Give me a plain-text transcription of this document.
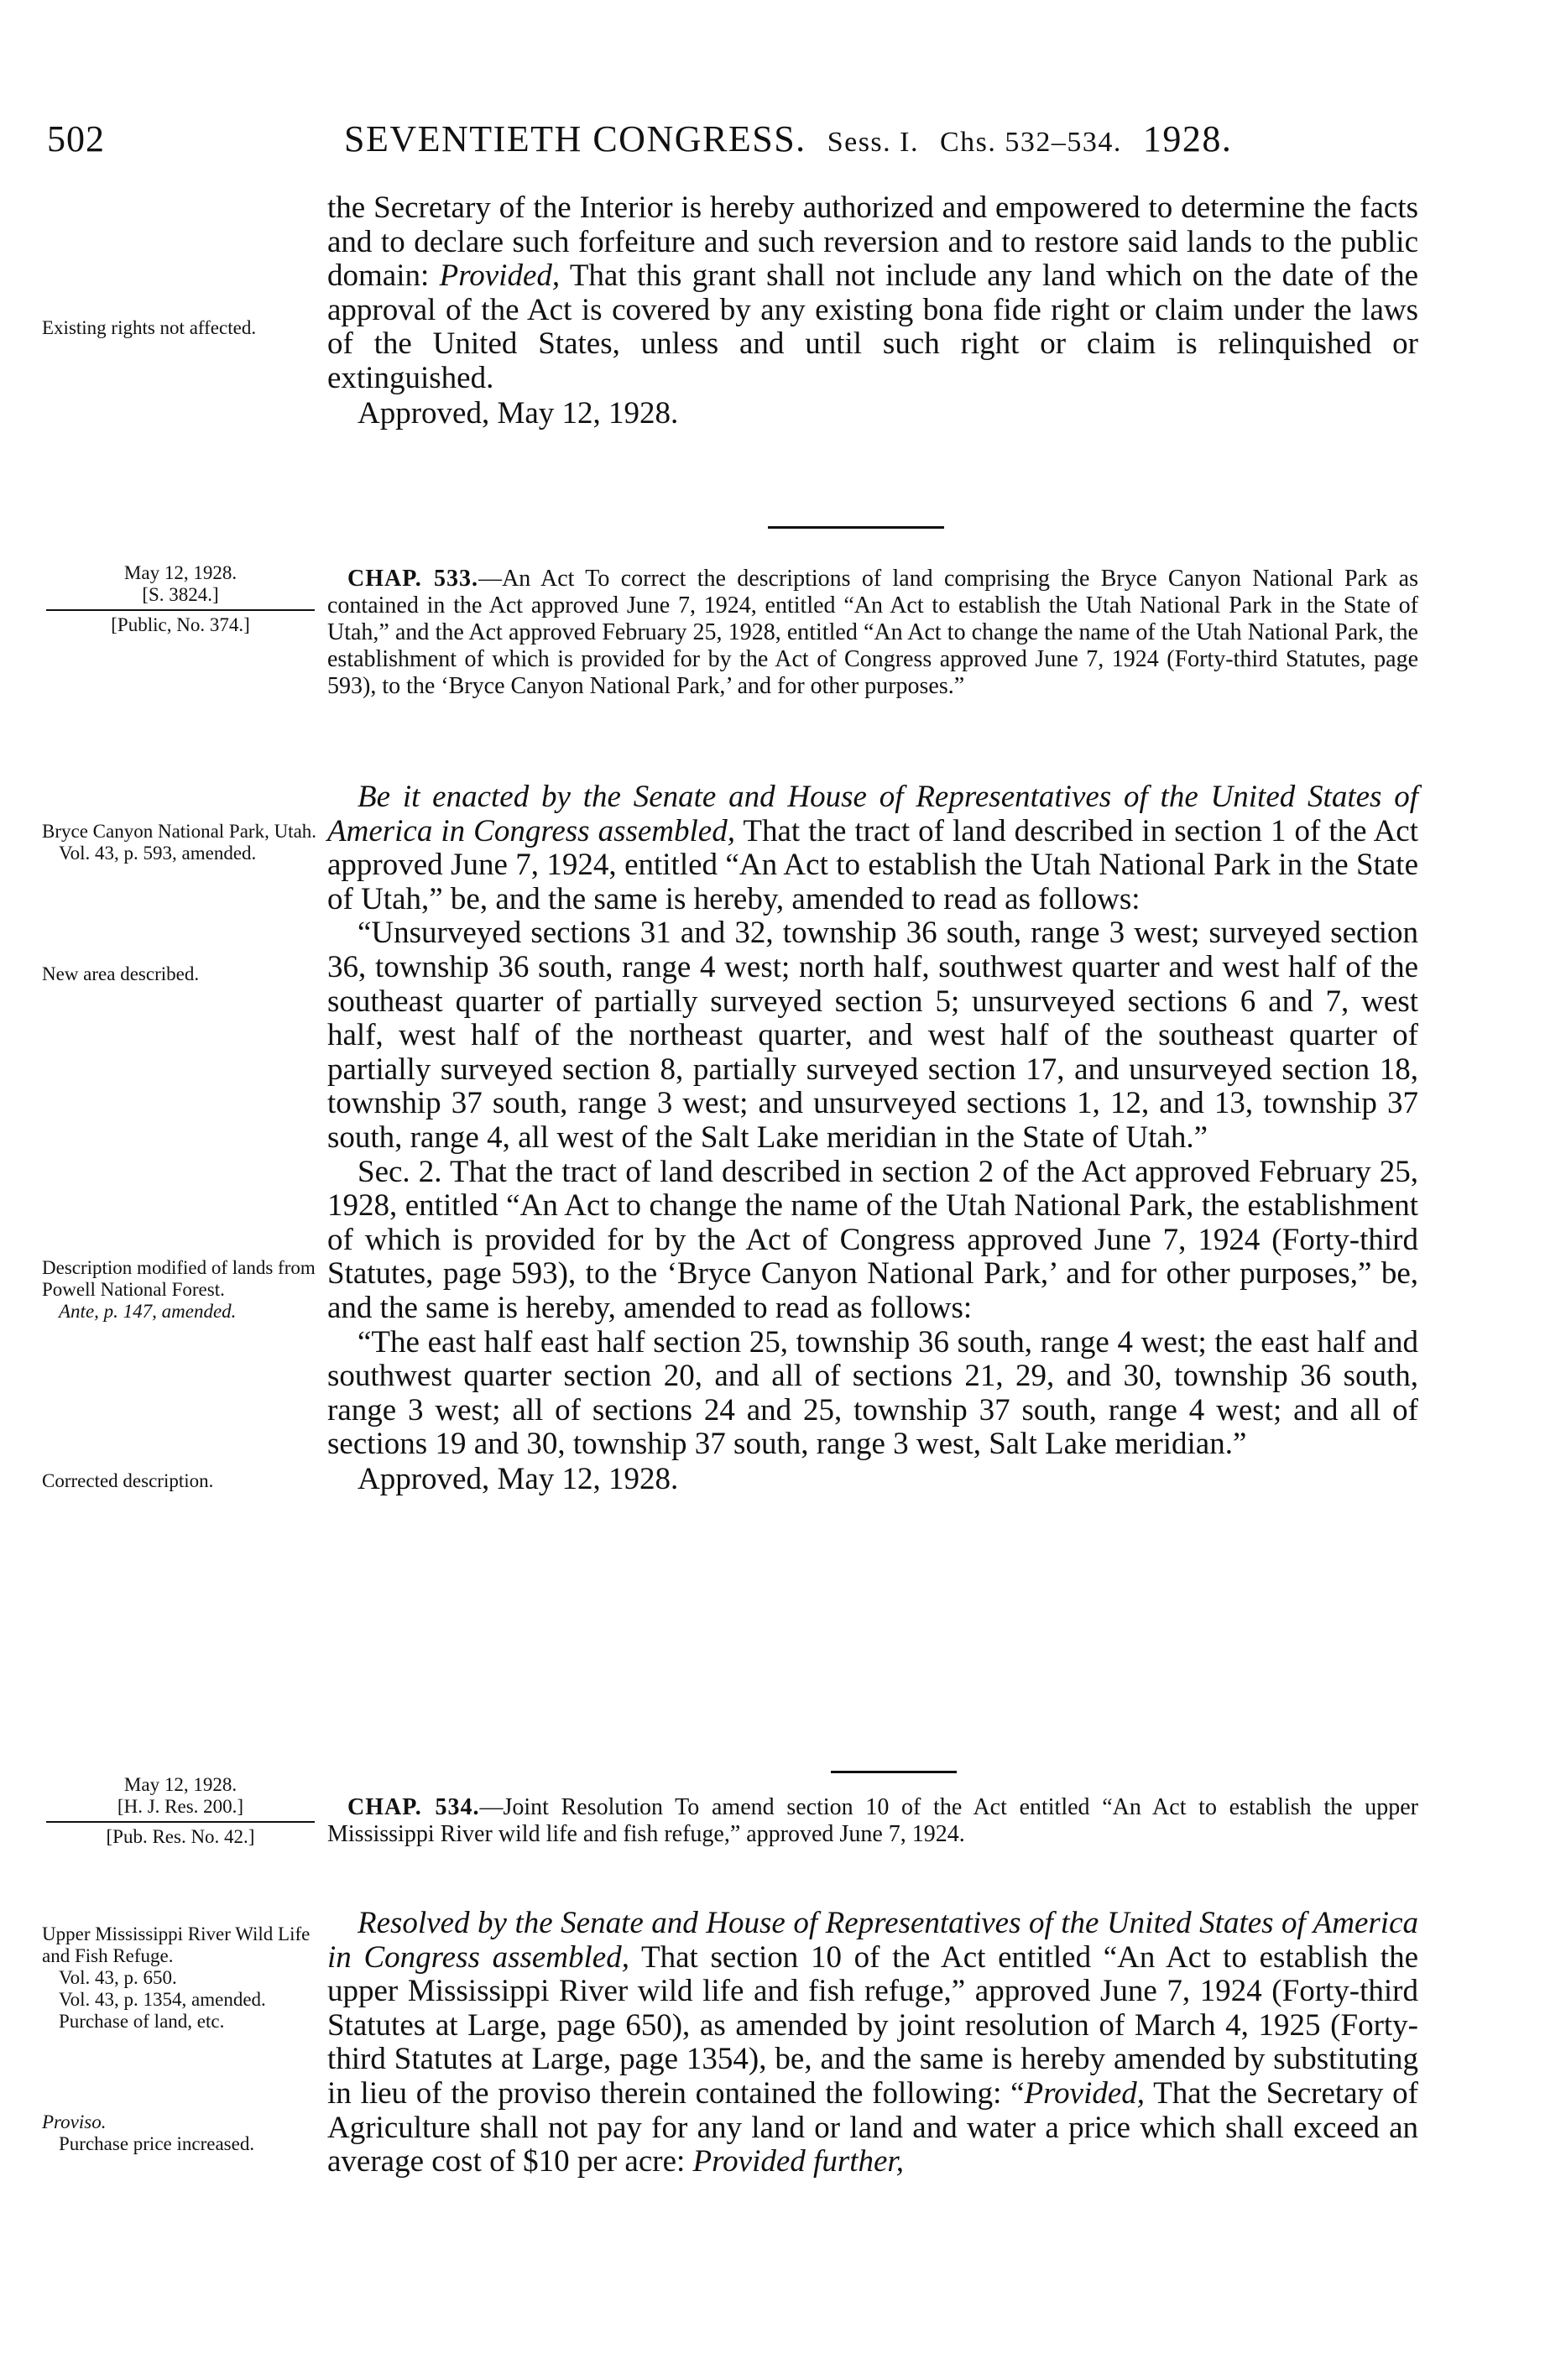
502	SEVENTIETH CONGRESS. Sess. I. Chs. 532–534. 1928.

the Secretary of the Interior is hereby authorized and empowered to determine the facts and to declare such forfeiture and such reversion and to restore said lands to the public domain: Provided, That this grant shall not include any land which on the date of the approval of the Act is covered by any existing bona fide right or claim under the laws of the United States, unless and until such right or claim is relinquished or extinguished.

Approved, May 12, 1928.

Existing rights not affected.
May 12, 1928.
[S. 3824.]
[Public, No. 374.]
CHAP. 533.—An Act To correct the descriptions of land comprising the Bryce Canyon National Park as contained in the Act approved June 7, 1924, entitled “An Act to establish the Utah National Park in the State of Utah,” and the Act approved February 25, 1928, entitled “An Act to change the name of the Utah National Park, the establishment of which is provided for by the Act of Congress approved June 7, 1924 (Forty-third Statutes, page 593), to the ‘Bryce Canyon National Park,’ and for other purposes.”

Be it enacted by the Senate and House of Representatives of the United States of America in Congress assembled, That the tract of land described in section 1 of the Act approved June 7, 1924, entitled “An Act to establish the Utah National Park in the State of Utah,” be, and the same is hereby, amended to read as follows:

“Unsurveyed sections 31 and 32, township 36 south, range 3 west; surveyed section 36, township 36 south, range 4 west; north half, southwest quarter and west half of the southeast quarter of partially surveyed section 5; unsurveyed sections 6 and 7, west half, west half of the northeast quarter, and west half of the southeast quarter of partially surveyed section 8, partially surveyed section 17, and unsurveyed section 18, township 37 south, range 3 west; and unsurveyed sections 1, 12, and 13, township 37 south, range 4, all west of the Salt Lake meridian in the State of Utah.”

Sec. 2. That the tract of land described in section 2 of the Act approved February 25, 1928, entitled “An Act to change the name of the Utah National Park, the establishment of which is provided for by the Act of Congress approved June 7, 1924 (Forty-third Statutes, page 593), to the ‘Bryce Canyon National Park,’ and for other purposes,” be, and the same is hereby, amended to read as follows:

“The east half east half section 25, township 36 south, range 4 west; the east half and southwest quarter section 20, and all of sections 21, 29, and 30, township 36 south, range 3 west; all of sections 24 and 25, township 37 south, range 4 west; and all of sections 19 and 30, township 37 south, range 3 west, Salt Lake meridian.”

Approved, May 12, 1928.

Bryce Canyon National Park, Utah.
Vol. 43, p. 593, amended.
New area described.
Description modified of lands from Powell National Forest.
Ante, p. 147, amended.
Corrected description.
May 12, 1928.
[H. J. Res. 200.]
[Pub. Res. No. 42.]
CHAP. 534.—Joint Resolution To amend section 10 of the Act entitled “An Act to establish the upper Mississippi River wild life and fish refuge,” approved June 7, 1924.

Resolved by the Senate and House of Representatives of the United States of America in Congress assembled, That section 10 of the Act entitled “An Act to establish the upper Mississippi River wild life and fish refuge,” approved June 7, 1924 (Forty-third Statutes at Large, page 650), as amended by joint resolution of March 4, 1925 (Forty-third Statutes at Large, page 1354), be, and the same is hereby amended by substituting in lieu of the proviso therein contained the following: “Provided, That the Secretary of Agriculture shall not pay for any land or land and water a price which shall exceed an average cost of $10 per acre: Provided further,

Upper Mississippi River Wild Life and Fish Refuge.
Vol. 43, p. 650.
Vol. 43, p. 1354, amended.
Purchase of land, etc.
Proviso.
Purchase price increased.
